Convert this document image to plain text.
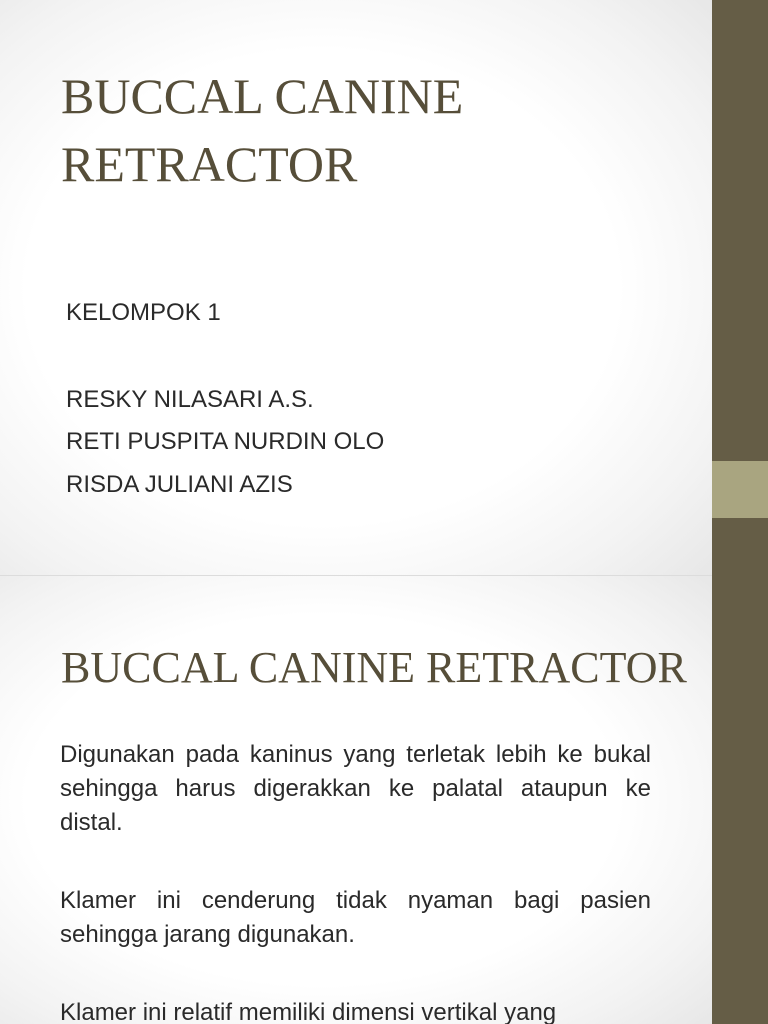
BUCCAL CANINE RETRACTOR
KELOMPOK 1
RESKY NILASARI A.S.
RETI PUSPITA NURDIN OLO
RISDA JULIANI AZIS
BUCCAL CANINE RETRACTOR

Digunakan pada kaninus yang terletak lebih ke bukal sehingga harus digerakkan ke palatal ataupun ke distal.

Klamer ini cenderung tidak nyaman bagi pasien sehingga jarang digunakan.

Klamer ini relatif memiliki dimensi vertikal yang
